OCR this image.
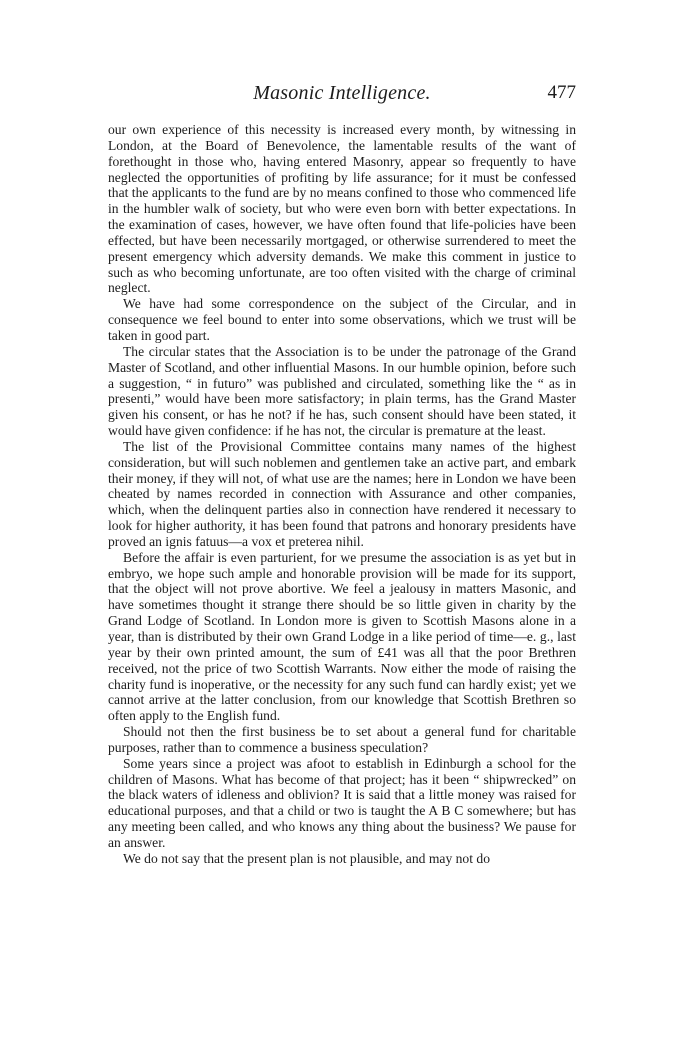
Masonic Intelligence.	477

our own experience of this necessity is increased every month, by witnessing in London, at the Board of Benevolence, the lamentable results of the want of forethought in those who, having entered Masonry, appear so frequently to have neglected the opportunities of profiting by life assurance; for it must be confessed that the applicants to the fund are by no means confined to those who commenced life in the humbler walk of society, but who were even born with better expectations. In the examination of cases, however, we have often found that life-policies have been effected, but have been necessarily mortgaged, or otherwise surrendered to meet the present emergency which adversity demands. We make this comment in justice to such as who becoming unfortunate, are too often visited with the charge of criminal neglect.

We have had some correspondence on the subject of the Circular, and in consequence we feel bound to enter into some observations, which we trust will be taken in good part.

The circular states that the Association is to be under the patronage of the Grand Master of Scotland, and other influential Masons. In our humble opinion, before such a suggestion, “ in futuro” was published and circulated, something like the “ as in presenti,” would have been more satisfactory; in plain terms, has the Grand Master given his consent, or has he not? if he has, such consent should have been stated, it would have given confidence: if he has not, the circular is premature at the least.

The list of the Provisional Committee contains many names of the highest consideration, but will such noblemen and gentlemen take an active part, and embark their money, if they will not, of what use are the names; here in London we have been cheated by names recorded in connection with Assurance and other companies, which, when the delinquent parties also in connection have rendered it necessary to look for higher authority, it has been found that patrons and honorary presidents have proved an ignis fatuus—a vox et preterea nihil.

Before the affair is even parturient, for we presume the association is as yet but in embryo, we hope such ample and honorable provision will be made for its support, that the object will not prove abortive. We feel a jealousy in matters Masonic, and have sometimes thought it strange there should be so little given in charity by the Grand Lodge of Scotland. In London more is given to Scottish Masons alone in a year, than is distributed by their own Grand Lodge in a like period of time—e. g., last year by their own printed amount, the sum of £41 was all that the poor Brethren received, not the price of two Scottish Warrants. Now either the mode of raising the charity fund is inoperative, or the necessity for any such fund can hardly exist; yet we cannot arrive at the latter conclusion, from our knowledge that Scottish Brethren so often apply to the English fund.

Should not then the first business be to set about a general fund for charitable purposes, rather than to commence a business speculation?

Some years since a project was afoot to establish in Edinburgh a school for the children of Masons. What has become of that project; has it been “ shipwrecked” on the black waters of idleness and oblivion? It is said that a little money was raised for educational purposes, and that a child or two is taught the A B C somewhere; but has any meeting been called, and who knows any thing about the business? We pause for an answer.

We do not say that the present plan is not plausible, and may not do
